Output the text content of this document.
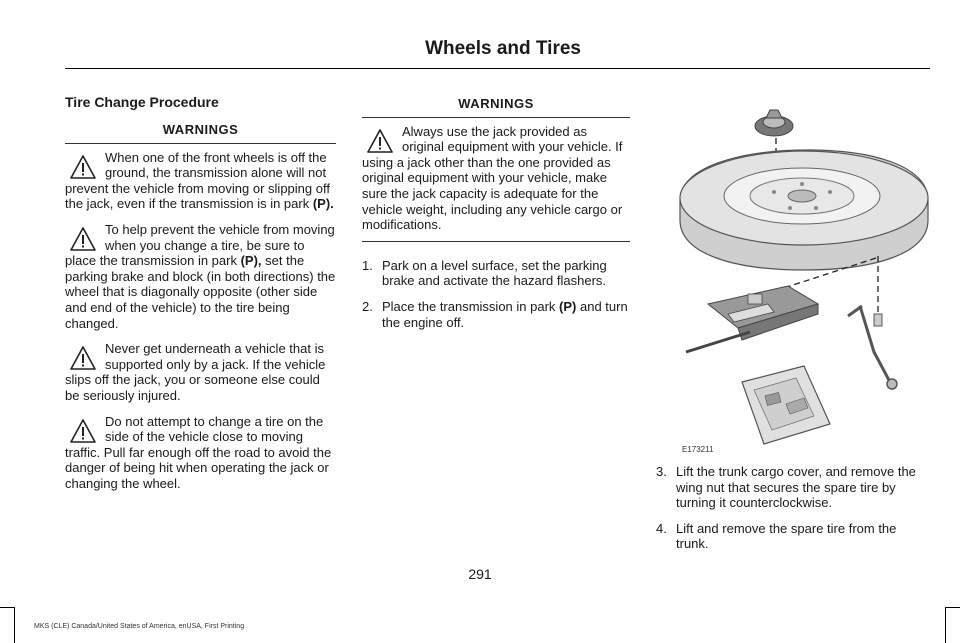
Wheels and Tires
Tire Change Procedure
WARNINGS

When one of the front wheels is off the ground, the transmission alone will not prevent the vehicle from moving or slipping off the jack, even if the transmission is in park (P).

To help prevent the vehicle from moving when you change a tire, be sure to place the transmission in park (P), set the parking brake and block (in both directions) the wheel that is diagonally opposite (other side and end of the vehicle) to the tire being changed.

Never get underneath a vehicle that is supported only by a jack. If the vehicle slips off the jack, you or someone else could be seriously injured.

Do not attempt to change a tire on the side of the vehicle close to moving traffic. Pull far enough off the road to avoid the danger of being hit when operating the jack or changing the wheel.

WARNINGS

Always use the jack provided as original equipment with your vehicle. If using a jack other than the one provided as original equipment with your vehicle, make sure the jack capacity is adequate for the vehicle weight, including any vehicle cargo or modifications.

1. Park on a level surface, set the parking brake and activate the hazard flashers.
2. Place the transmission in park (P) and turn the engine off.
E173211
3. Lift the trunk cargo cover, and remove the wing nut that secures the spare tire by turning it counterclockwise.
4. Lift and remove the spare tire from the trunk.
291
MKS (CLE) Canada/United States of America, enUSA, First Printing
